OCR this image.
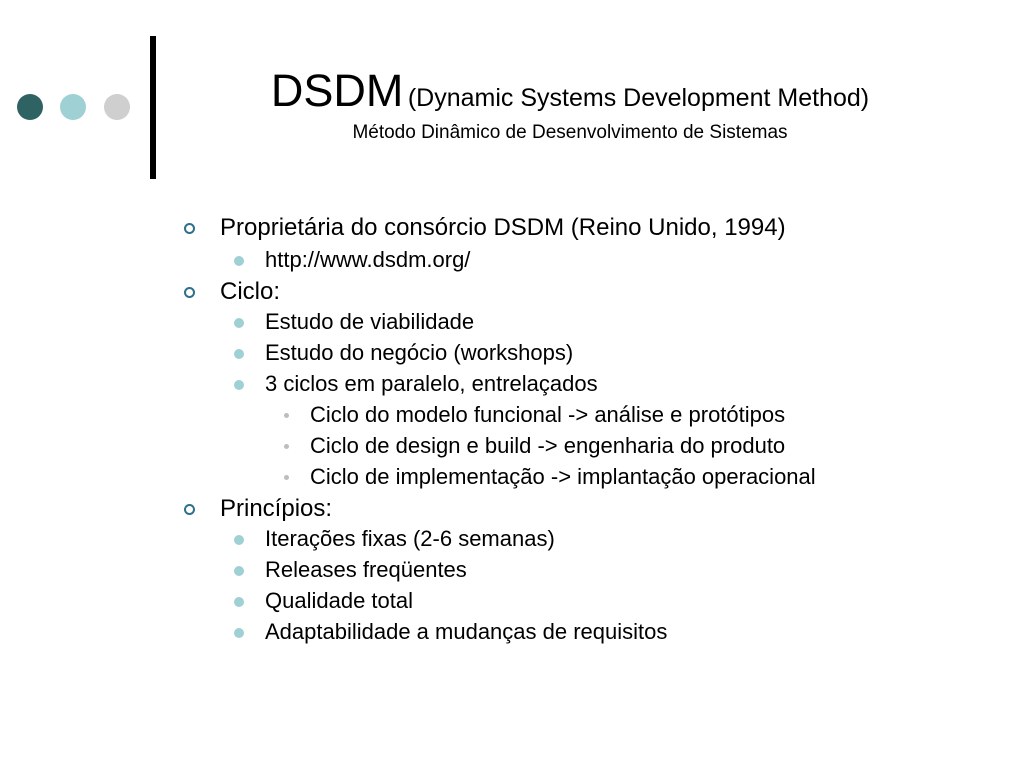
DSDM (Dynamic Systems Development Method)
Método Dinâmico de Desenvolvimento de Sistemas
Proprietária do consórcio DSDM (Reino Unido, 1994)
http://www.dsdm.org/
Ciclo:
Estudo de viabilidade
Estudo do negócio (workshops)
3 ciclos em paralelo, entrelaçados
Ciclo do modelo funcional -> análise e protótipos
Ciclo de design e build -> engenharia do produto
Ciclo de implementação -> implantação operacional
Princípios:
Iterações fixas (2-6 semanas)
Releases freqüentes
Qualidade total
Adaptabilidade a mudanças de requisitos
